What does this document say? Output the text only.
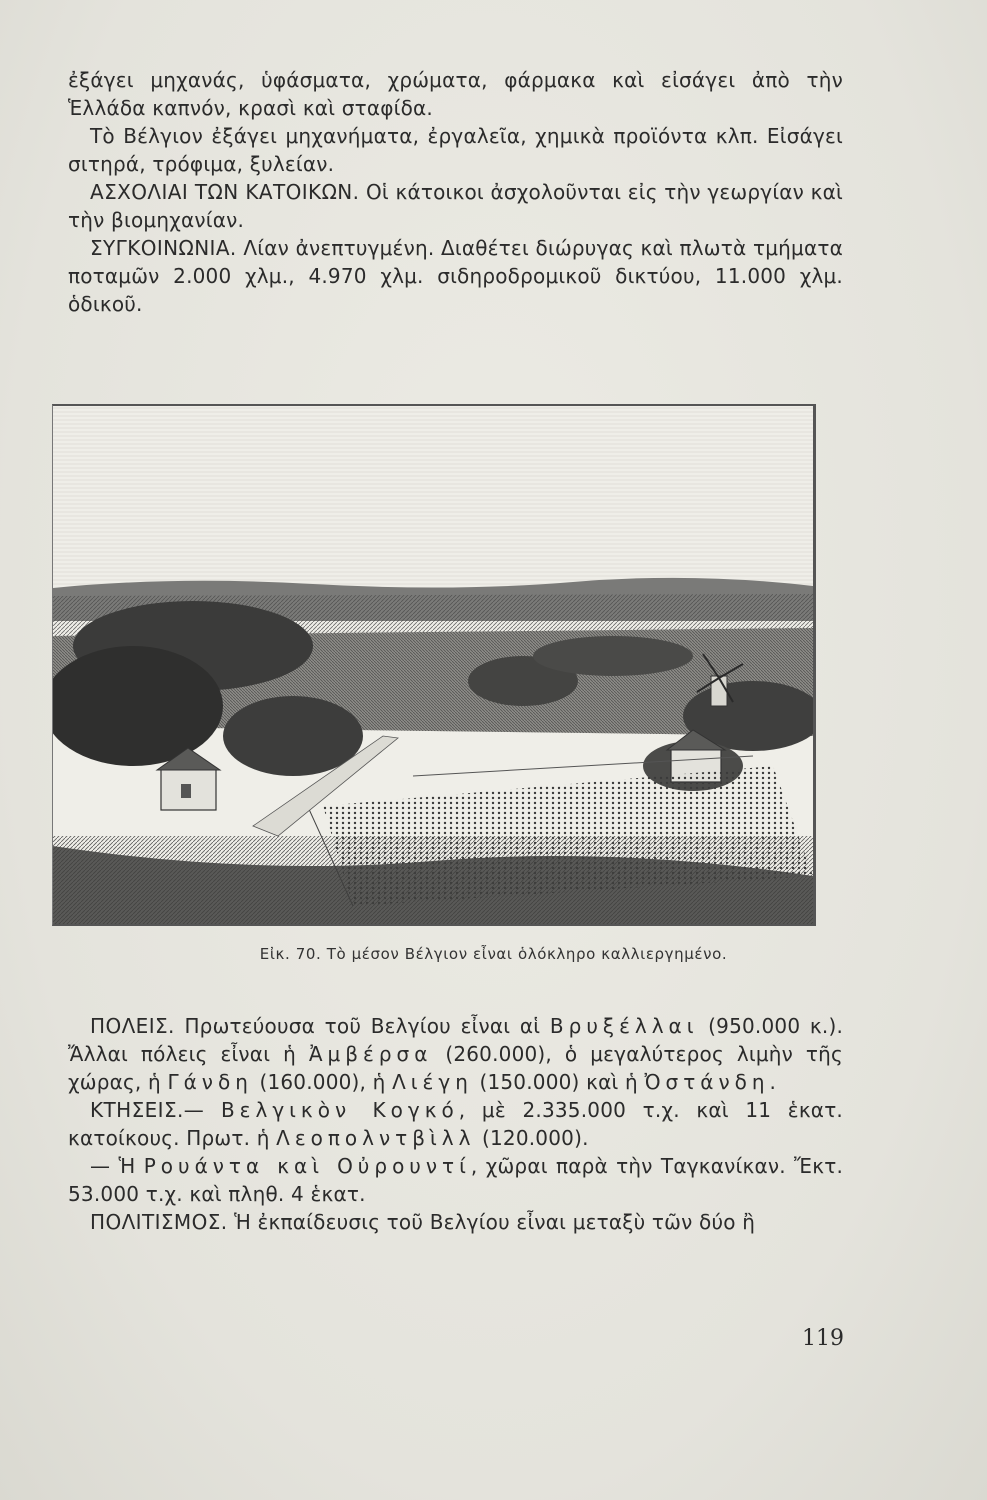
ἐξάγει μηχανάς, ὑφάσματα, χρώματα, φάρμακα καὶ εἰσάγει ἀπὸ τὴν Ἑλλάδα καπνόν, κρασὶ καὶ σταφίδα.

Τὸ Βέλγιον ἐξάγει μηχανήματα, ἐργαλεῖα, χημικὰ προϊόντα κλπ. Εἰσάγει σιτηρά, τρόφιμα, ξυλείαν.

ΑΣΧΟΛΙΑΙ ΤΩΝ ΚΑΤΟΙΚΩΝ. Οἱ κάτοικοι ἀσχολοῦνται εἰς τὴν γεωργίαν καὶ τὴν βιομηχανίαν.

ΣΥΓΚΟΙΝΩΝΙΑ. Λίαν ἀνεπτυγμένη. Διαθέτει διώρυγας καὶ πλωτὰ τμήματα ποταμῶν 2.000 χλμ., 4.970 χλμ. σιδηροδρομικοῦ δικτύου, 11.000 χλμ. ὁδικοῦ.

Εἰκ. 70. Τὸ μέσον Βέλγιον εἶναι ὁλόκληρο καλλιεργημένο.

ΠΟΛΕΙΣ. Πρωτεύουσα τοῦ Βελγίου εἶναι αἱ Βρυξέλλαι (950.000 κ.). Ἄλλαι πόλεις εἶναι ἡ Ἀμβέρσα (260.000), ὁ μεγαλύτερος λιμὴν τῆς χώρας, ἡ Γάνδη (160.000), ἡ Λιέγη (150.000) καὶ ἡ Ὀστάνδη.

ΚΤΗΣΕΙΣ.— Βελγικὸν Κογκό, μὲ 2.335.000 τ.χ. καὶ 11 ἑκατ. κατοίκους. Πρωτ. ἡ Λεοπολντβὶλλ (120.000).

— Ἡ Ρουάντα καὶ Οὐρουντί, χῶραι παρὰ τὴν Ταγκανίκαν. Ἔκτ. 53.000 τ.χ. καὶ πληθ. 4 ἑκατ.

ΠΟΛΙΤΙΣΜΟΣ. Ἡ ἐκπαίδευσις τοῦ Βελγίου εἶναι μεταξὺ τῶν δύο ἢ

119
